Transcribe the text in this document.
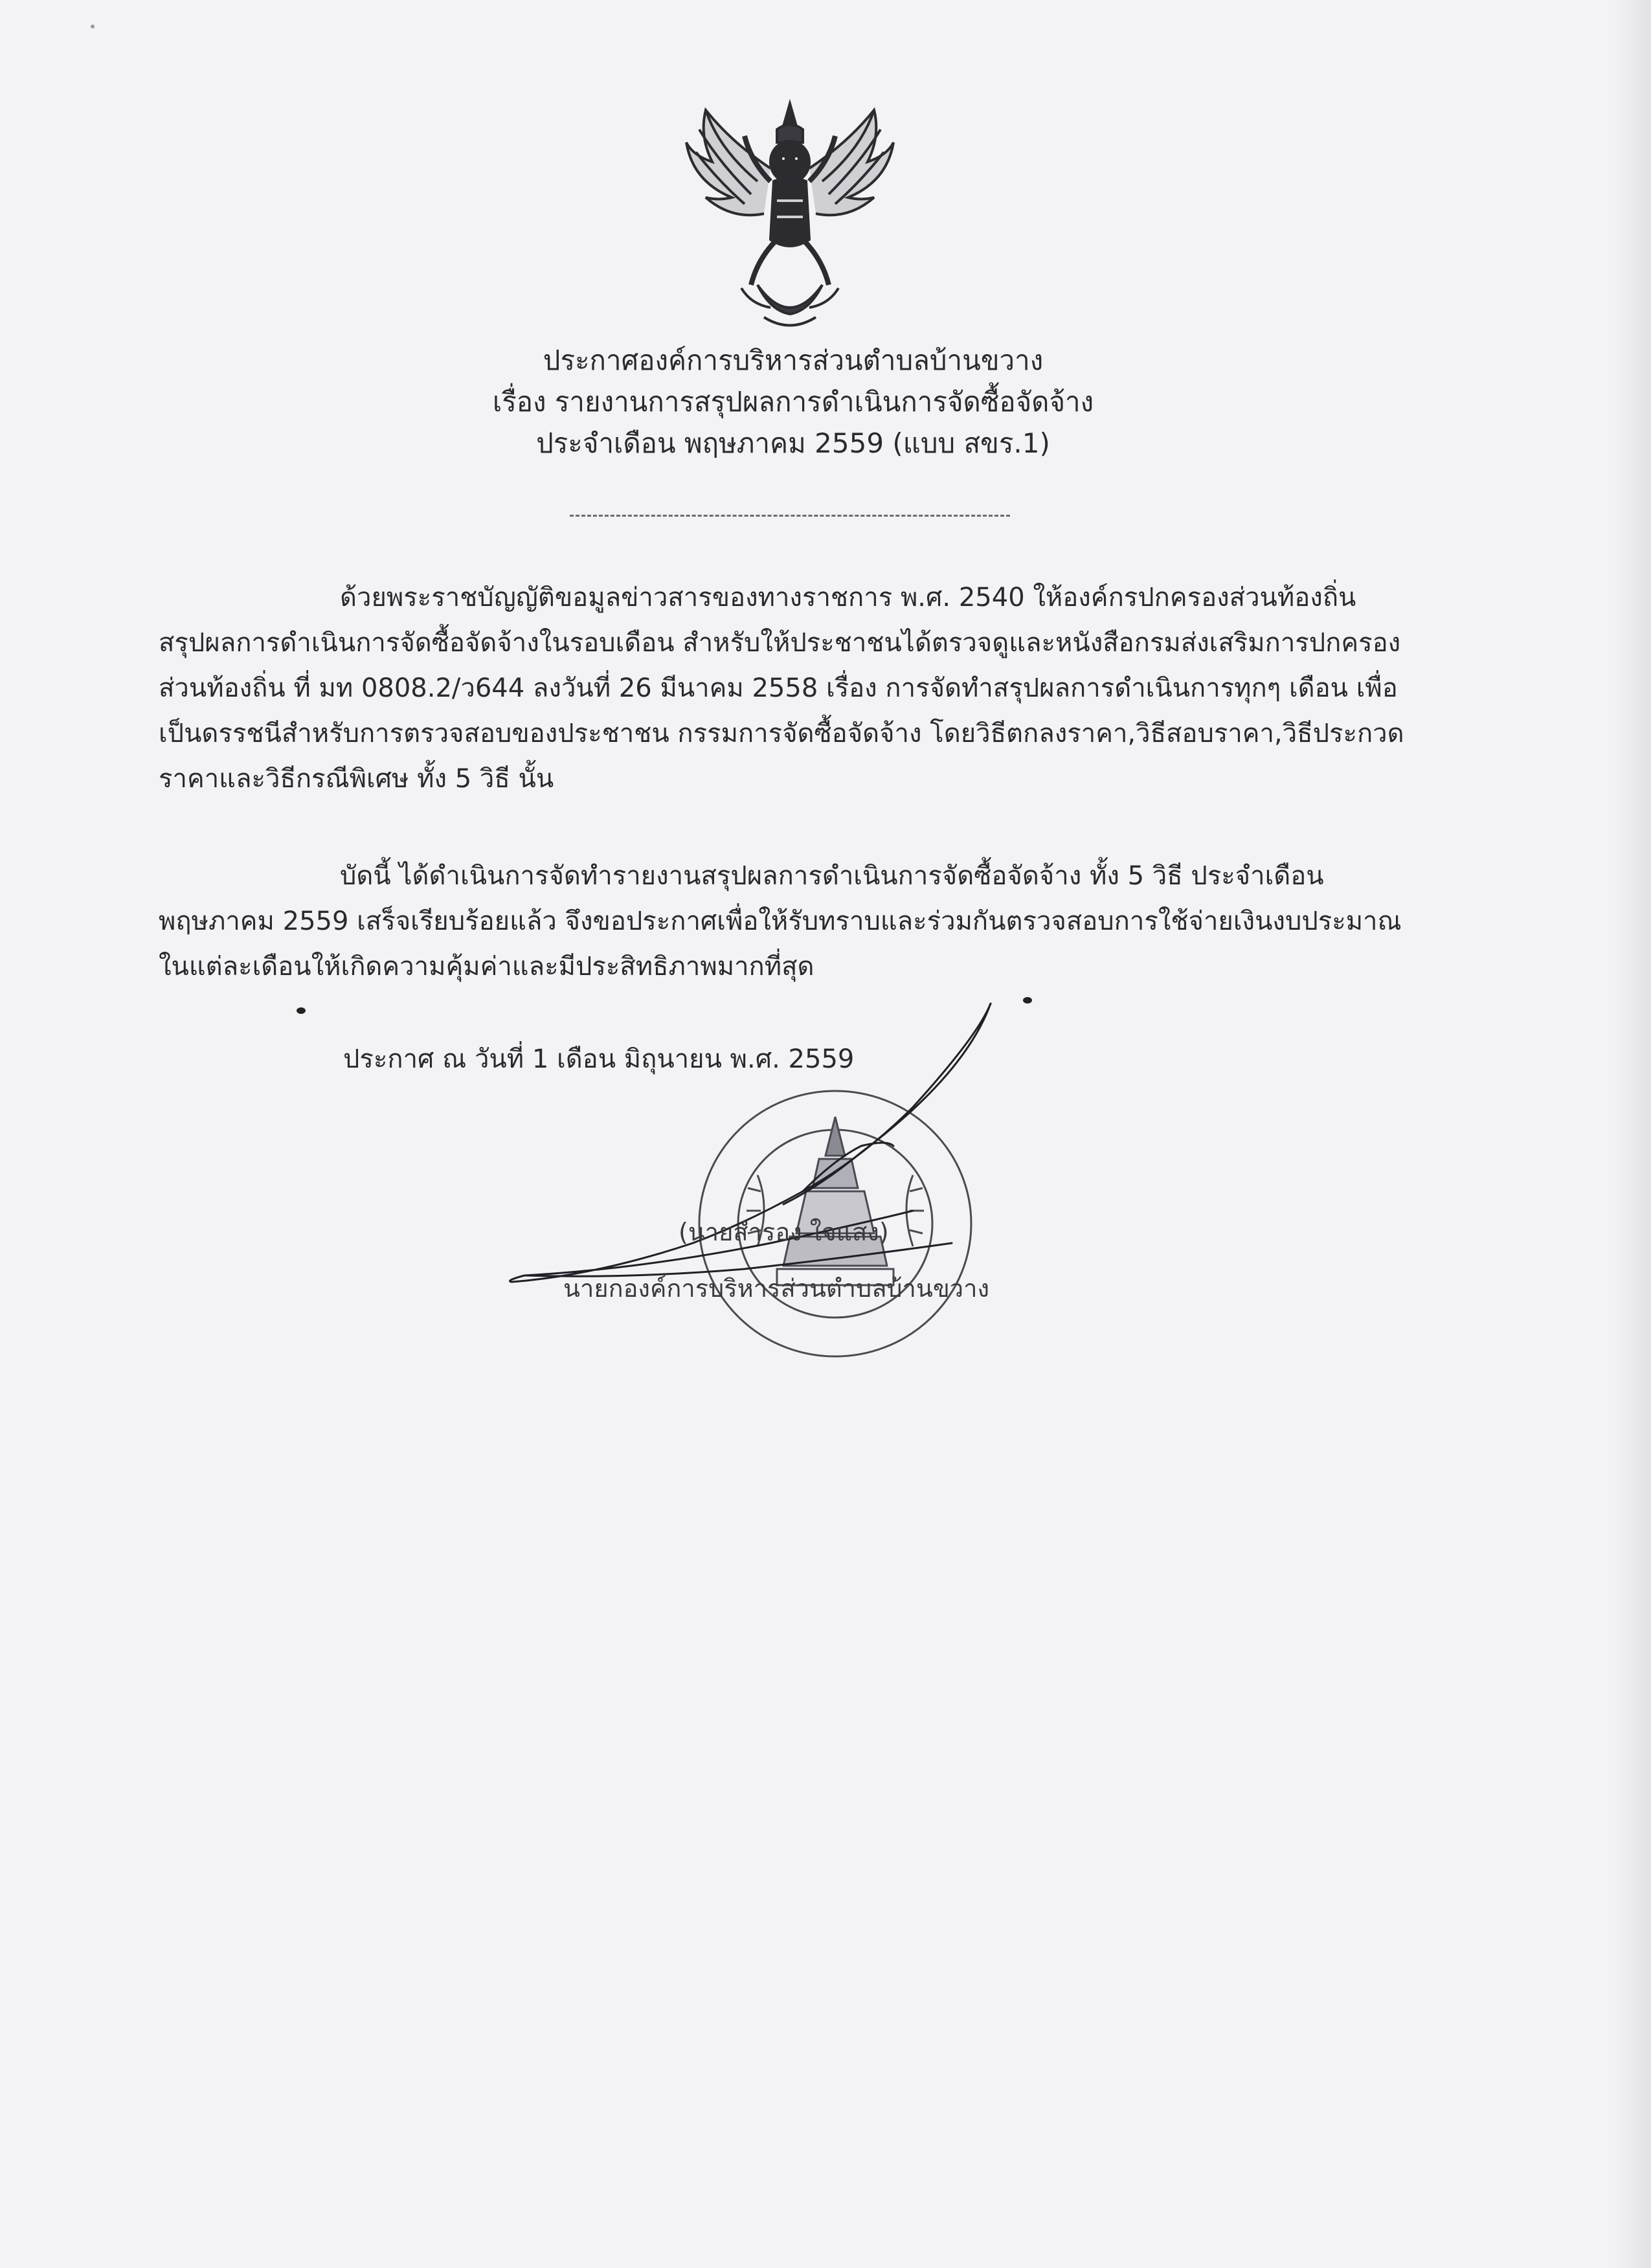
ประกาศองค์การบริหารส่วนตำบลบ้านขวาง
เรื่อง รายงานการสรุปผลการดำเนินการจัดซื้อจัดจ้าง
ประจำเดือน พฤษภาคม 2559 (แบบ สขร.1)
ด้วยพระราชบัญญัติขอมูลข่าวสารของทางราชการ พ.ศ. 2540 ให้องค์กรปกครองส่วนท้องถิ่น
สรุปผลการดำเนินการจัดซื้อจัดจ้างในรอบเดือน สำหรับให้ประชาชนได้ตรวจดูและหนังสือกรมส่งเสริมการปกครอง
ส่วนท้องถิ่น ที่ มท 0808.2/ว644 ลงวันที่ 26 มีนาคม 2558 เรื่อง การจัดทำสรุปผลการดำเนินการทุกๆ เดือน เพื่อ
เป็นดรรชนีสำหรับการตรวจสอบของประชาชน กรรมการจัดซื้อจัดจ้าง โดยวิธีตกลงราคา,วิธีสอบราคา,วิธีประกวด
ราคาและวิธีกรณีพิเศษ ทั้ง 5 วิธี นั้น
บัดนี้ ได้ดำเนินการจัดทำรายงานสรุปผลการดำเนินการจัดซื้อจัดจ้าง ทั้ง 5 วิธี ประจำเดือน
พฤษภาคม 2559 เสร็จเรียบร้อยแล้ว จึงขอประกาศเพื่อให้รับทราบและร่วมกันตรวจสอบการใช้จ่ายเงินงบประมาณ
ในแต่ละเดือนให้เกิดความคุ้มค่าและมีประสิทธิภาพมากที่สุด
ประกาศ ณ วันที่ 1 เดือน มิถุนายน พ.ศ. 2559
(นายสำรอง ใจแสง)
นายกองค์การบริหารส่วนตำบลบ้านขวาง
